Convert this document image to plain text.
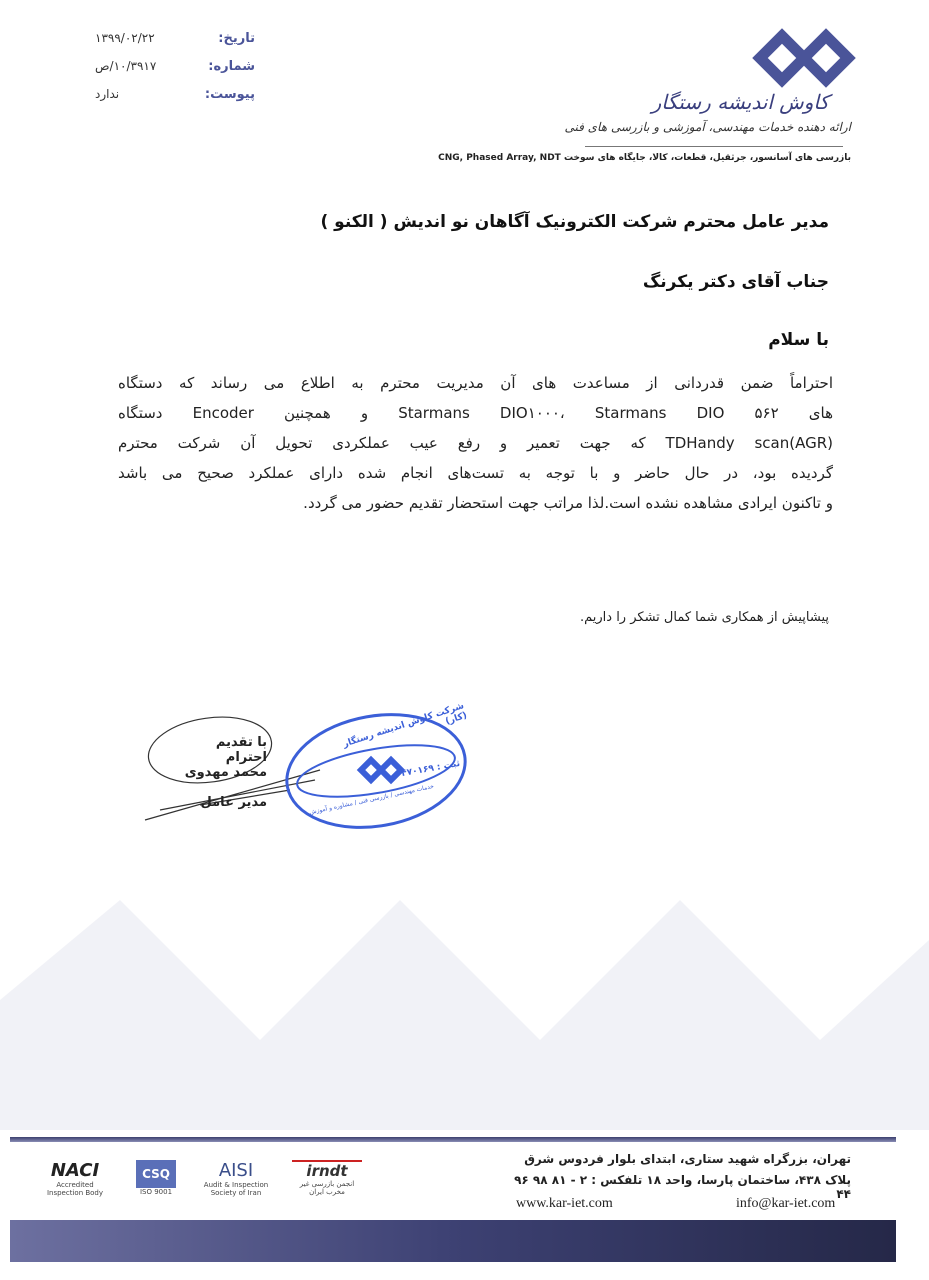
تاریخ:
۱۳۹۹/۰۲/۲۲
شماره:
۱۰/۳۹۱۷/ص
پیوست:
ندارد	کاوش اندیشه رستگار
ارائه دهنده خدمات مهندسی، آموزشی و بازرسی های فنی
بازرسی های آسانسور، جرثقیل، قطعات، کالا، جایگاه های سوخت CNG, Phased Array, NDT
مدیر عامل محترم شرکت الکترونیک آگاهان نو اندیش ( الکنو )
جناب آقای دکتر یکرنگ
با سلام
احتراماً ضمن قدردانی از مساعدت های آن مدیریت محترم به اطلاع می رساند که دستگاه
های Starmans DIO۱۰۰۰، Starmans DIO ۵۶۲ و همچنین Encoder دستگاه
TDHandy scan(AGR) که جهت تعمیر و رفع عیب عملکردی تحویل آن شرکت محترم
گردیده بود، در حال حاضر و با توجه به تست‌های انجام شده دارای عملکرد صحیح می باشد
و تاکنون ایرادی مشاهده نشده است.لذا مراتب جهت استحضار تقدیم حضور می گردد.
پیشاپیش از همکاری شما کمال تشکر را داریم.
با تقدیم احترام
محمد مهدوی
مدیر عامل
شرکت کاوش اندیشه رستگار (کار)
ثبت : ۴۷۰۱۶۹
خدمات مهندسی / بازرسی فنی / مشاوره و آموزش
NACI
Accredited Inspection Body
CSQ
ISO 9001
AISI
Audit & Inspection Society of Iran
irndt
انجمن بازرسی غیر مخرب ایران
تهران، بزرگراه شهید ستاری، ابتدای بلوار فردوس شرق
پلاک ۴۳۸، ساختمان پارسا، واحد ۱۸ تلفکس : ۲ - ۸۱ ۹۸ ۹۶ ۴۴
www.kar-iet.com	info@kar-iet.com
